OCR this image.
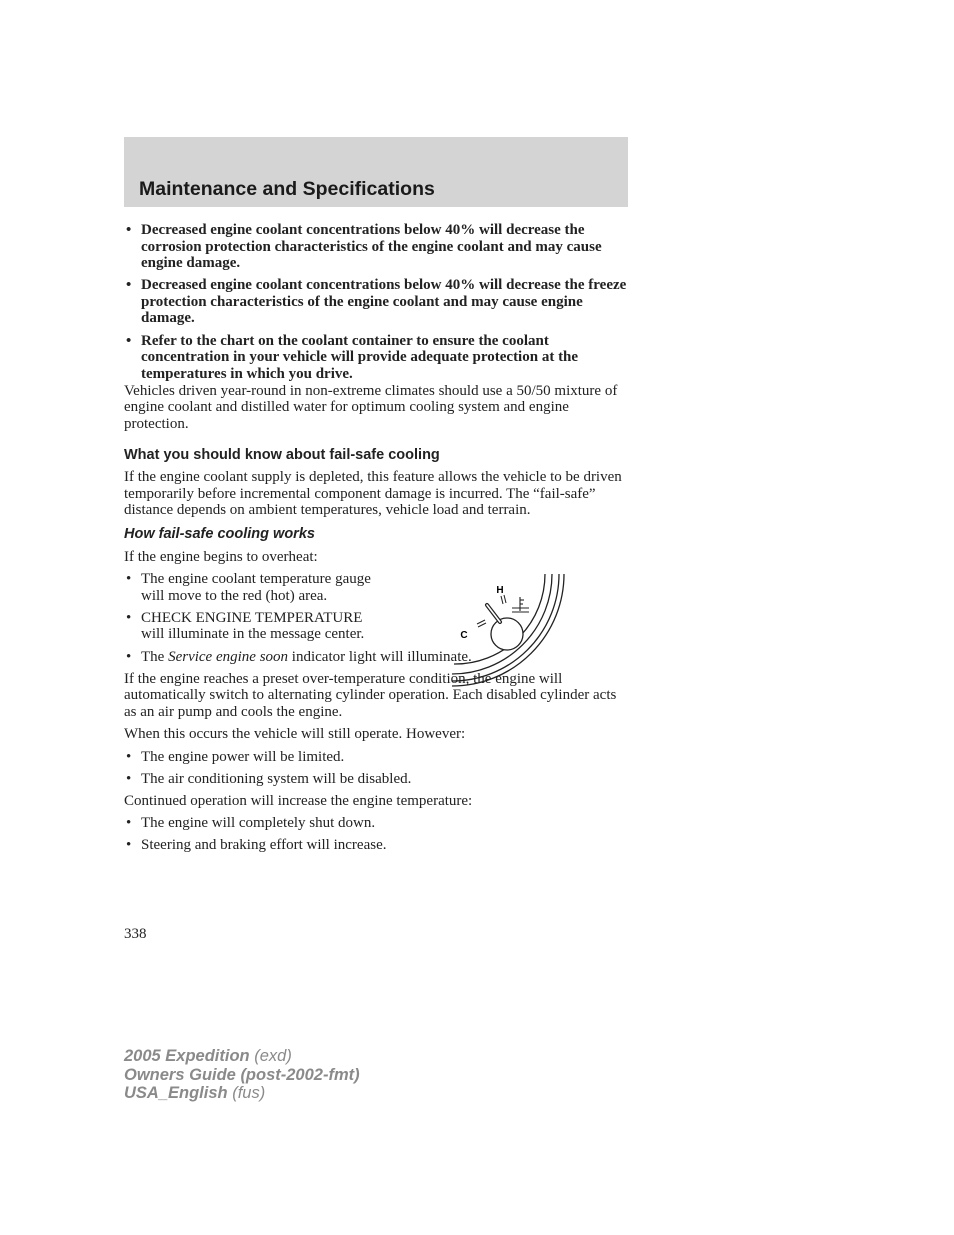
Maintenance and Specifications
• Decreased engine coolant concentrations below 40% will decrease the corrosion protection characteristics of the engine coolant and may cause engine damage.
• Decreased engine coolant concentrations below 40% will decrease the freeze protection characteristics of the engine coolant and may cause engine damage.
• Refer to the chart on the coolant container to ensure the coolant concentration in your vehicle will provide adequate protection at the temperatures in which you drive.

Vehicles driven year-round in non-extreme climates should use a 50/50 mixture of engine coolant and distilled water for optimum cooling system and engine protection.

What you should know about fail-safe cooling

If the engine coolant supply is depleted, this feature allows the vehicle to be driven temporarily before incremental component damage is incurred. The “fail-safe” distance depends on ambient temperatures, vehicle load and terrain.

How fail-safe cooling works

If the engine begins to overheat:

• The engine coolant temperature gauge will move to the red (hot) area.
• CHECK ENGINE TEMPERATURE will illuminate in the message center.
• The Service engine soon indicator light will illuminate.

If the engine reaches a preset over-temperature condition, the engine will automatically switch to alternating cylinder operation. Each disabled cylinder acts as an air pump and cools the engine.

When this occurs the vehicle will still operate. However:

• The engine power will be limited.
• The air conditioning system will be disabled.

Continued operation will increase the engine temperature:

• The engine will completely shut down.
• Steering and braking effort will increase.
H
C
338
2005 Expedition (exd)
Owners Guide (post-2002-fmt)
USA_English (fus)
